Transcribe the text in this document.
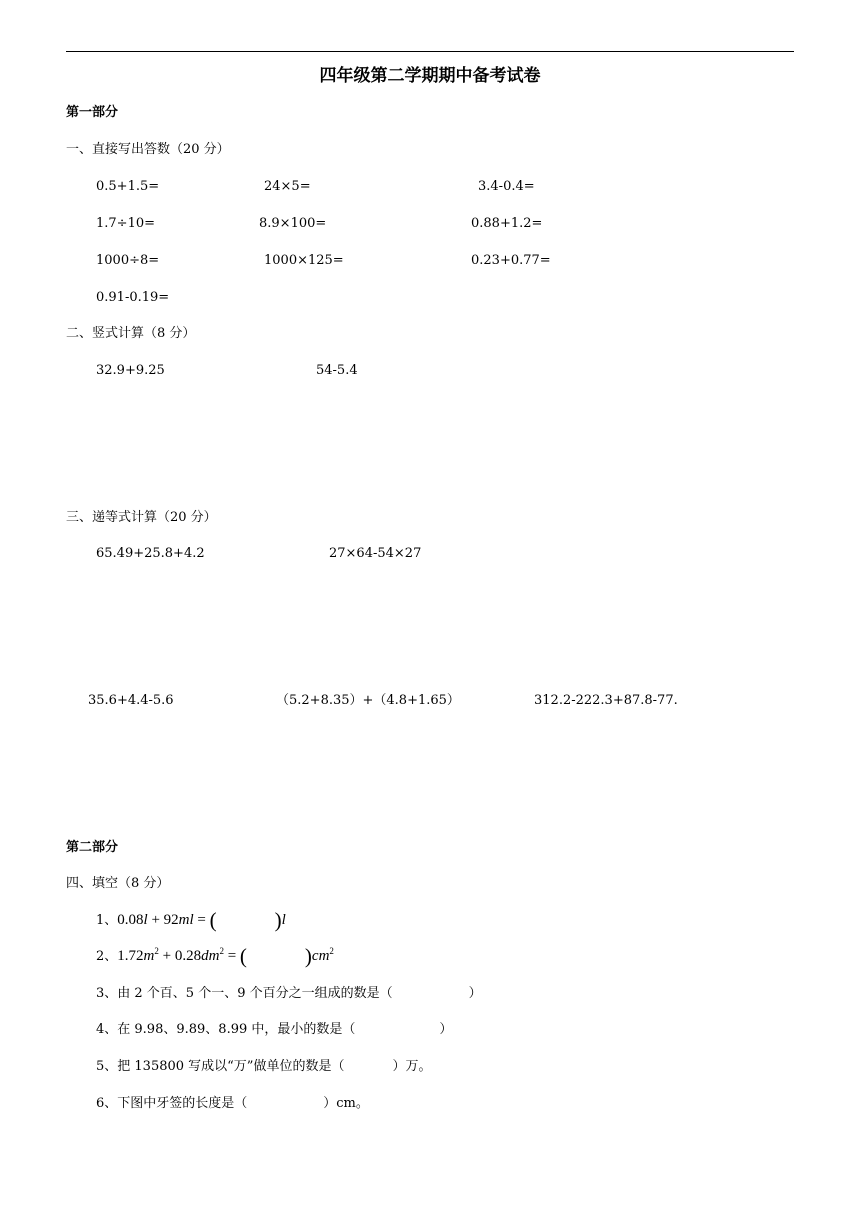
四年级第二学期期中备考试卷
第一部分
一、直接写出答数（20 分）
0.5+1.5=	24×5=	3.4-0.4=
1.7÷10=	8.9×100=	0.88+1.2=
1000÷8=	1000×125=	0.23+0.77=
0.91-0.19=
二、竖式计算（8 分）
32.9+9.25	54-5.4
三、递等式计算（20 分）
65.49+25.8+4.2	27×64-54×27
35.6+4.4-5.6	（5.2+8.35）+（4.8+1.65）	312.2-222.3+87.8-77.
第二部分
四、填空（8 分）
1、0.08l + 92ml = (	)l
2、$1.72m^2 + 0.28dm^2$ = (	)$cm^2$
3、由 2 个百、5 个一、9 个百分之一组成的数是（	）
4、在 9.98、9.89、8.99 中，最小的数是（	）
5、把 135800 写成以“万”做单位的数是（	）万。
6、下图中牙签的长度是（	）cm。
